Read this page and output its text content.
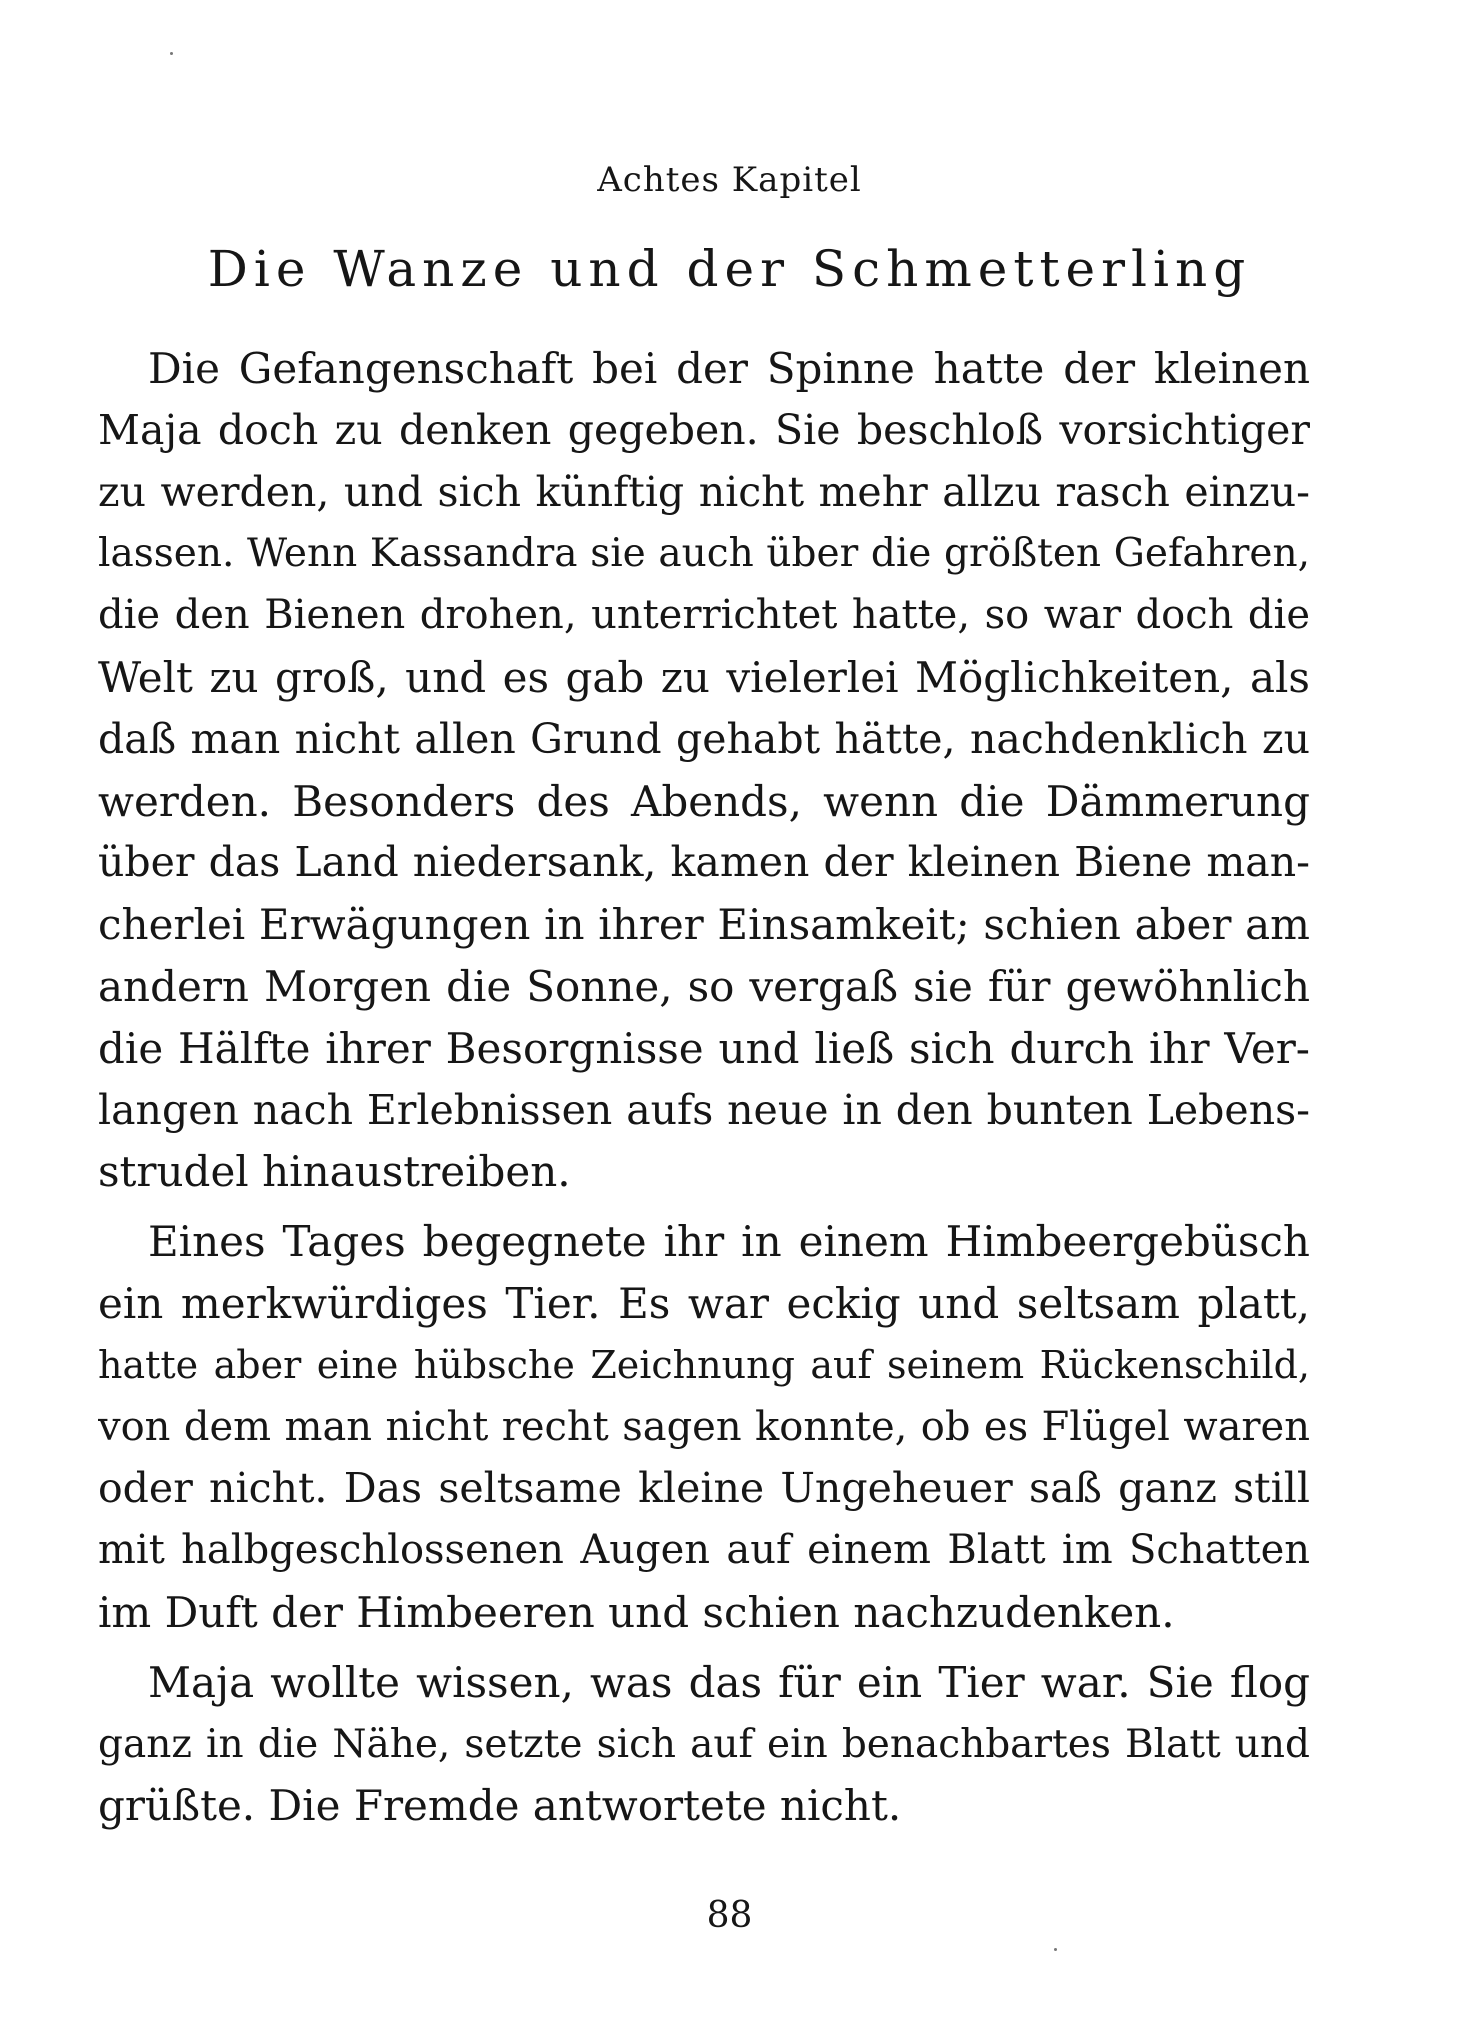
Achtes Kapitel
Die Wanze und der Schmetterling
Die Gefangenschaft bei der Spinne hatte der kleinen
Maja doch zu denken gegeben. Sie beschloß vorsichtiger
zu werden, und sich künftig nicht mehr allzu rasch einzu-
lassen. Wenn Kassandra sie auch über die größten Gefahren,
die den Bienen drohen, unterrichtet hatte, so war doch die
Welt zu groß, und es gab zu vielerlei Möglichkeiten, als
daß man nicht allen Grund gehabt hätte, nachdenklich zu
werden. Besonders des Abends, wenn die Dämmerung
über das Land niedersank, kamen der kleinen Biene man-
cherlei Erwägungen in ihrer Einsamkeit; schien aber am
andern Morgen die Sonne, so vergaß sie für gewöhnlich
die Hälfte ihrer Besorgnisse und ließ sich durch ihr Ver-
langen nach Erlebnissen aufs neue in den bunten Lebens-
strudel hinaustreiben.
Eines Tages begegnete ihr in einem Himbeergebüsch
ein merkwürdiges Tier. Es war eckig und seltsam platt,
hatte aber eine hübsche Zeichnung auf seinem Rückenschild,
von dem man nicht recht sagen konnte, ob es Flügel waren
oder nicht. Das seltsame kleine Ungeheuer saß ganz still
mit halbgeschlossenen Augen auf einem Blatt im Schatten
im Duft der Himbeeren und schien nachzudenken.
Maja wollte wissen, was das für ein Tier war. Sie flog
ganz in die Nähe, setzte sich auf ein benachbartes Blatt und
grüßte. Die Fremde antwortete nicht.
88
